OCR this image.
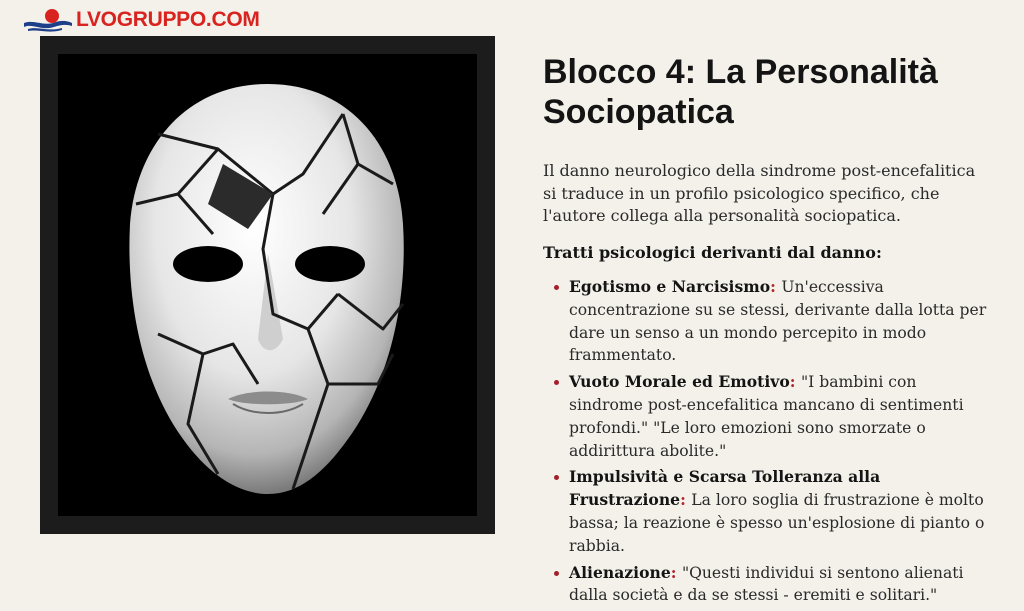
LVOGRUPPO.COM
Blocco 4: La Personalità Sociopatica

Il danno neurologico della sindrome post-encefalitica si traduce in un profilo psicologico specifico, che l'autore collega alla personalità sociopatica.

Tratti psicologici derivanti dal danno:
Egotismo e Narcisismo: Un'eccessiva concentrazione su se stessi, derivante dalla lotta per dare un senso a un mondo percepito in modo frammentato.
Vuoto Morale ed Emotivo: "I bambini con sindrome post-encefalitica mancano di sentimenti profondi." "Le loro emozioni sono smorzate o addirittura abolite."
Impulsività e Scarsa Tolleranza alla Frustrazione: La loro soglia di frustrazione è molto bassa; la reazione è spesso un'esplosione di pianto o rabbia.
Alienazione: "Questi individui si sentono alienati dalla società e da se stessi - eremiti e solitari."
